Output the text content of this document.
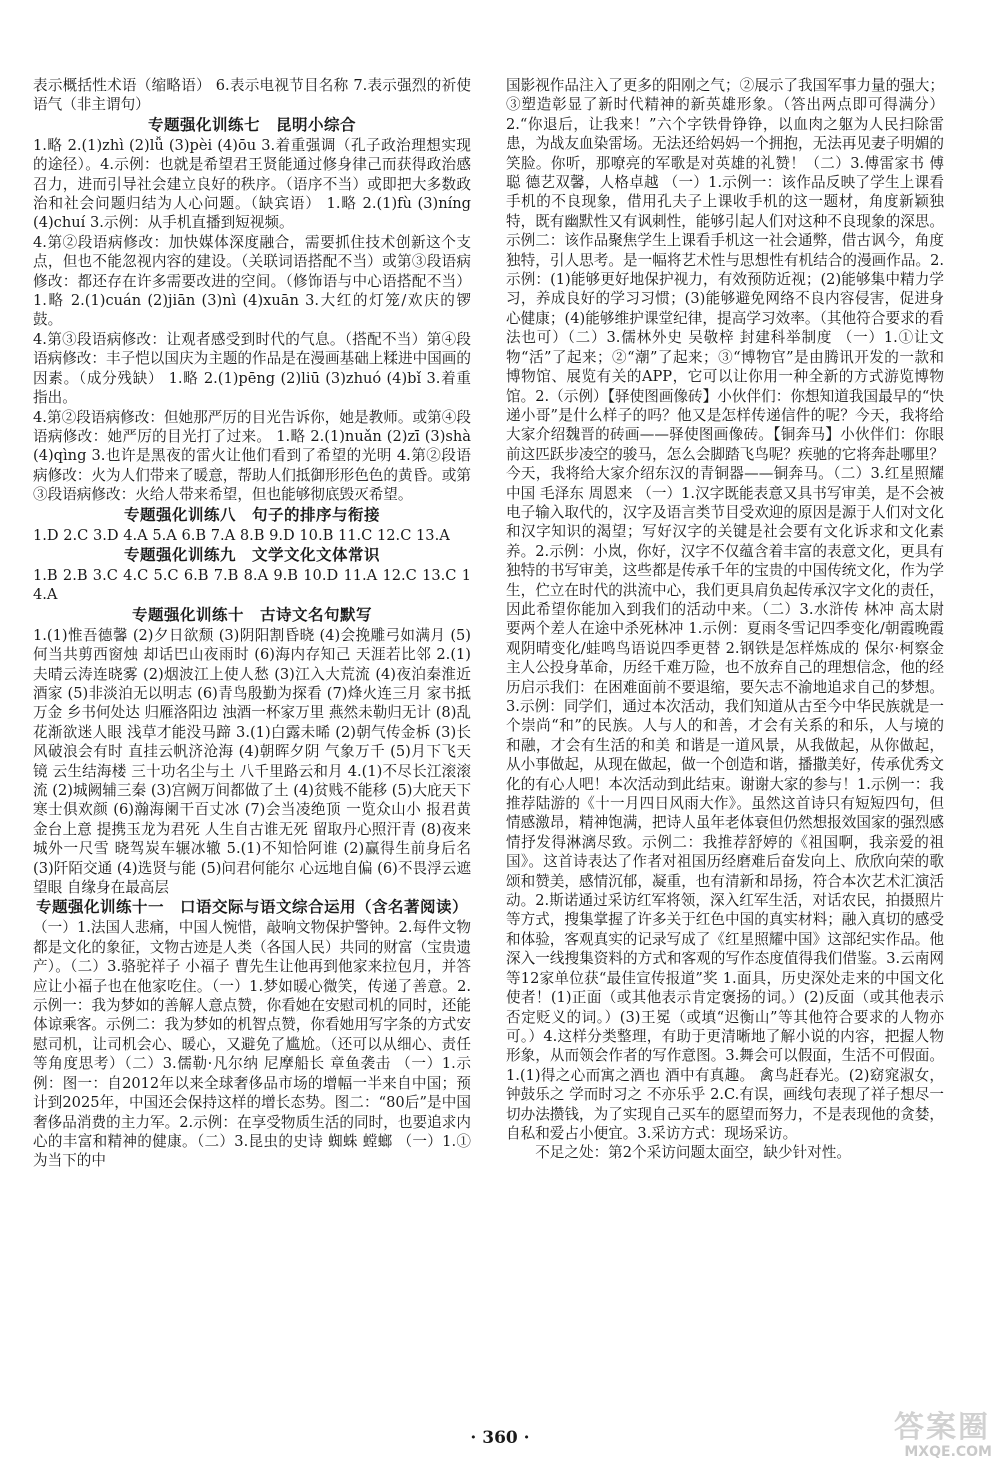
表示概括性术语（缩略语） 6.表示电视节目名称 7.表示强烈的祈使语气（非主谓句）

专题强化训练七　昆明小综合

1.略 2.(1)zhì (2)lǚ (3)pèi (4)ōu 3.着重强调（孔子政治理想实现的途径）。4.示例：也就是希望君王贤能通过修身律己而获得政治感召力，进而引导社会建立良好的秩序。（语序不当）或即把大多数政治和社会问题归结为人心问题。（缺宾语） 1.略 2.(1)fù (3)níng (4)chuí 3.示例：从手机直播到短视频。

4.第②段语病修改：加快媒体深度融合，需要抓住技术创新这个支点，但也不能忽视内容的建设。（关联词语搭配不当）或第③段语病修改：都还存在许多需要改进的空间。（修饰语与中心语搭配不当） 1.略 2.(1)cuán (2)jiān (3)nì (4)xuān 3.大红的灯笼/欢庆的锣鼓。

4.第③段语病修改：让观者感受到时代的气息。（搭配不当）第④段语病修改：丰子恺以国庆为主题的作品是在漫画基础上糅进中国画的因素。（成分残缺） 1.略 2.(1)pēng (2)liū (3)zhuó (4)bǐ 3.着重指出。

4.第②段语病修改：但她那严厉的目光告诉你，她是教师。或第④段语病修改：她严厉的目光打了过来。 1.略 2.(1)nuǎn (2)zī (3)shà (4)qìng 3.也许是黑夜的雷火让他们看到了希望的光明 4.第②段语病修改：火为人们带来了暖意，帮助人们抵御形形色色的黄昏。或第③段语病修改：火给人带来希望，但也能够彻底毁灭希望。

专题强化训练八　句子的排序与衔接

1.D 2.C 3.D 4.A 5.A 6.B 7.A 8.B 9.D 10.B 11.C 12.C 13.A

专题强化训练九　文学文化文体常识

1.B 2.B 3.C 4.C 5.C 6.B 7.B 8.A 9.B 10.D 11.A 12.C 13.C 14.A

专题强化训练十　古诗文名句默写

1.(1)惟吾德馨 (2)夕日欲颓 (3)阴阳割昏晓 (4)会挽雕弓如满月 (5)何当共剪西窗烛 却话巴山夜雨时 (6)海内存知己 天涯若比邻 2.(1)夫晴云涛连晓雾 (2)烟波江上使人愁 (3)江入大荒流 (4)夜泊秦淮近酒家 (5)非淡泊无以明志 (6)青鸟殷勤为探看 (7)烽火连三月 家书抵万金 乡书何处达 归雁洛阳边 浊酒一杯家万里 燕然未勒归无计 (8)乱花渐欲迷人眼 浅草才能没马蹄 3.(1)白露未晞 (2)朝气传金柝 (3)长风破浪会有时 直挂云帆济沧海 (4)朝晖夕阴 气象万千 (5)月下飞天镜 云生结海楼 三十功名尘与土 八千里路云和月 4.(1)不尽长江滚滚流 (2)城阙辅三秦 (3)宫阙万间都做了土 (4)贫贱不能移 (5)大庇天下寒士俱欢颜 (6)瀚海阑干百丈冰 (7)会当凌绝顶 一览众山小 报君黄金台上意 提携玉龙为君死 人生自古谁无死 留取丹心照汗青 (8)夜来城外一尺雪 晓驾炭车辗冰辙 5.(1)不知恰阿谁 (2)赢得生前身后名 (3)阡陌交通 (4)选贤与能 (5)问君何能尔 心远地自偏 (6)不畏浮云遮望眼 自缘身在最高层

专题强化训练十一　口语交际与语文综合运用（含名著阅读）

（一）1.法国人悲痛，中国人惋惜，敲响文物保护警钟。2.每件文物都是文化的象征，文物古迹是人类（各国人民）共同的财富（宝贵遗产）。（二）3.骆驼祥子 小福子 曹先生让他再到他家来拉包月，并答应让小福子也在他家吃住。（一）1.梦如暖心微笑，传递了善意。2.示例一：我为梦如的善解人意点赞，你看她在安慰司机的同时，还能体谅乘客。示例二：我为梦如的机智点赞，你看她用写字条的方式安慰司机，让司机会心、暖心，又避免了尴尬。（还可以从细心、责任等角度思考）（二）3.儒勒·凡尔纳 尼摩船长 章鱼袭击 （一）1.示例：图一：自2012年以来全球奢侈品市场的增幅一半来自中国；预计到2025年，中国还会保持这样的增长态势。图二：“80后”是中国奢侈品消费的主力军。2.示例：在享受物质生活的同时，也要追求内心的丰富和精神的健康。（二）3.昆虫的史诗 蜘蛛 螳螂 （一）1.①为当下的中

国影视作品注入了更多的阳刚之气；②展示了我国军事力量的强大；③塑造彰显了新时代精神的新英雄形象。（答出两点即可得满分）2.“你退后，让我来！”六个字铁骨铮铮，以血肉之躯为人民扫除雷患，为战友血染雷场。无法还给妈妈一个拥抱，无法再见妻子明媚的笑脸。你听，那嘹亮的军歌是对英雄的礼赞！（二）3.傅雷家书 傅聪 德艺双馨，人格卓越 （一）1.示例一：该作品反映了学生上课看手机的不良现象，借用孔夫子上课收手机的这一题材，角度新颖独特，既有幽默性又有讽刺性，能够引起人们对这种不良现象的深思。示例二：该作品聚焦学生上课看手机这一社会通弊，借古讽今，角度独特，引人思考。是一幅将艺术性与思想性有机结合的漫画作品。2.示例：(1)能够更好地保护视力，有效预防近视；(2)能够集中精力学习，养成良好的学习习惯；(3)能够避免网络不良内容侵害，促进身心健康；(4)能够维护课堂纪律，提高学习效率。（其他符合要求的看法也可）（二）3.儒林外史 吴敬梓 封建科举制度 （一）1.①让文物“活”了起来；②“潮”了起来；③“博物官”是由腾讯开发的一款和博物馆、展览有关的APP，它可以让你用一种全新的方式游览博物馆。2.（示例）【驿使图画像砖】小伙伴们：你想知道我国最早的“快递小哥”是什么样子的吗？他又是怎样传递信件的呢？今天，我将给大家介绍魏晋的砖画——驿使图画像砖。【铜奔马】小伙伴们：你眼前这匹跃步凌空的骏马，怎么会脚踏飞鸟呢？疾驰的它将奔赴哪里？今天，我将给大家介绍东汉的青铜器——铜奔马。（二）3.红星照耀中国 毛泽东 周恩来 （一）1.汉字既能表意又具书写审美，是不会被电子输入取代的，汉字及语言类节目受欢迎的原因是源于人们对文化和汉字知识的渴望；写好汉字的关键是社会要有文化诉求和文化素养。2.示例：小岚，你好，汉字不仅蕴含着丰富的表意文化，更具有独特的书写审美，这些都是传承千年的宝贵的中国传统文化，作为学生，伫立在时代的洪流中心，我们更具肩负起传承汉字文化的责任，因此希望你能加入到我们的活动中来。（二）3.水浒传 林冲 高太尉要两个差人在途中杀死林冲 1.示例：夏雨冬雪记四季变化/朝霞晚霞观阴晴变化/蛙鸣鸟语说四季更替 2.钢铁是怎样炼成的 保尔·柯察金 主人公投身革命，历经千难万险，也不放弃自己的理想信念，他的经历启示我们：在困难面前不要退缩，要矢志不渝地追求自己的梦想。3.示例：同学们，通过本次活动，我们知道从古至今中华民族就是一个崇尚“和”的民族。人与人的和善，才会有关系的和乐，人与境的和融，才会有生活的和美 和谐是一道风景，从我做起，从你做起，从小事做起，从现在做起，做一个创造和谐，播撒美好，传承优秀文化的有心人吧！本次活动到此结束。谢谢大家的参与！1.示例一：我推荐陆游的《十一月四日风雨大作》。虽然这首诗只有短短四句，但情感激昂，精神饱满，把诗人虽年老体衰但仍然想报效国家的强烈感情抒发得淋漓尽致。示例二：我推荐舒婷的《祖国啊，我亲爱的祖国》。这首诗表达了作者对祖国历经磨难后奋发向上、欣欣向荣的歌颂和赞美，感情沉郁，凝重，也有清新和昂扬，符合本次艺术汇演活动。2.斯诺通过采访红军将领，深入红军生活，对话农民，拍摄照片等方式，搜集掌握了许多关于红色中国的真实材料；融入真切的感受和体验，客观真实的记录写成了《红星照耀中国》这部纪实作品。他深入一线搜集资料的方式和客观的写作态度值得我们借鉴。3.云南网等12家单位获“最佳宣传报道”奖 1.面具，历史深处走来的中国文化使者！(1)正面（或其他表示肯定褒扬的词。）(2)反面（或其他表示否定贬义的词。）(3)王冕（或填“迟衡山”等其他符合要求的人物亦可。）4.这样分类整理，有助于更清晰地了解小说的内容，把握人物形象，从而领会作者的写作意图。3.舞会可以假面，生活不可假面。1.(1)得之心而寓之酒也 酒中有真趣。 禽鸟赶春光。(2)窈窕淑女，钟鼓乐之 学而时习之 不亦乐乎 2.C.有误，画线句表现了祥子想尽一切办法攒钱，为了实现自己买车的愿望而努力，不是表现他的贪婪，自私和爱占小便宜。3.采访方式：现场采访。

不足之处：第2个采访问题太面空，缺少针对性。

· 360 ·	答案圈
MXQE.COM
